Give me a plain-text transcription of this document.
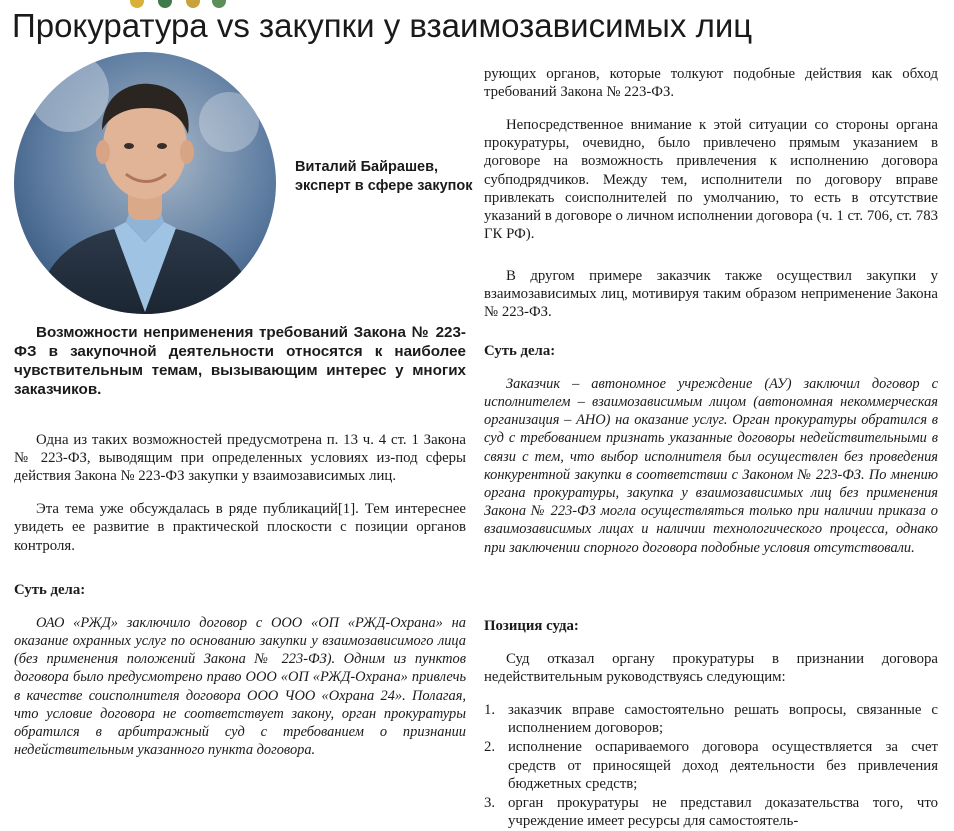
Прокуратура vs закупки у взаимозависимых лиц
Виталий Байрашев, эксперт в сфере закупок
Возможности неприменения требований Закона № 223-ФЗ в закупочной деятельности относятся к наиболее чувствительным темам, вызывающим интерес у многих заказчиков.

Одна из таких возможностей предусмотрена п. 13 ч. 4 ст. 1 Закона № 223-ФЗ, выводящим при определенных условиях из-под сферы действия Закона № 223-ФЗ закупки у взаимозависимых лиц.

Эта тема уже обсуждалась в ряде публикаций[1]. Тем интереснее увидеть ее развитие в практической плоскости с позиции органов контроля.

Суть дела:

ОАО «РЖД» заключило договор с ООО «ОП «РЖД-Охрана» на оказание охранных услуг по основанию закупки у взаимозависимого лица (без применения положений Закона № 223-ФЗ). Одним из пунктов договора было предусмотрено право ООО «ОП «РЖД-Охрана» привлечь в качестве соисполнителя договора ООО ЧОО «Охрана 24». Полагая, что условие договора не соответствует закону, орган прокуратуры обратился в арбитражный суд с требованием о признании недействительным указанного пункта договора.

рующих органов, которые толкуют подобные действия как обход требований Закона № 223-ФЗ.

Непосредственное внимание к этой ситуации со стороны органа прокуратуры, очевидно, было привлечено прямым указанием в договоре на возможность привлечения к исполнению договора субподрядчиков. Между тем, исполнители по договору вправе привлекать соисполнителей по умолчанию, то есть в отсутствие указаний в договоре о личном исполнении договора (ч. 1 ст. 706, ст. 783 ГК РФ).

В другом примере заказчик также осуществил закупки у взаимозависимых лиц, мотивируя таким образом неприменение Закона № 223-ФЗ.

Суть дела:

Заказчик – автономное учреждение (АУ) заключил договор с исполнителем – взаимозависимым лицом (автономная некоммерческая организация – АНО) на оказание услуг. Орган прокуратуры обратился в суд с требованием признать указанные договоры недействительными в связи с тем, что выбор исполнителя был осуществлен без проведения конкурентной закупки в соответствии с Законом № 223-ФЗ. По мнению органа прокуратуры, закупка у взаимозависимых лиц без применения Закона № 223-ФЗ могла осуществляться только при наличии приказа о взаимозависимых лицах и наличии технологического процесса, однако при заключении спорного договора подобные условия отсутствовали.

Позиция суда:

Суд отказал органу прокуратуры в признании договора недействительным руководствуясь следующим:

1. заказчик вправе самостоятельно решать вопросы, связанные с исполнением договоров;
2. исполнение оспариваемого договора осуществляется за счет средств от приносящей доход деятельности без привлечения бюджетных средств;
3. орган прокуратуры не представил доказательства того, что учреждение имеет ресурсы для самостоятель-
